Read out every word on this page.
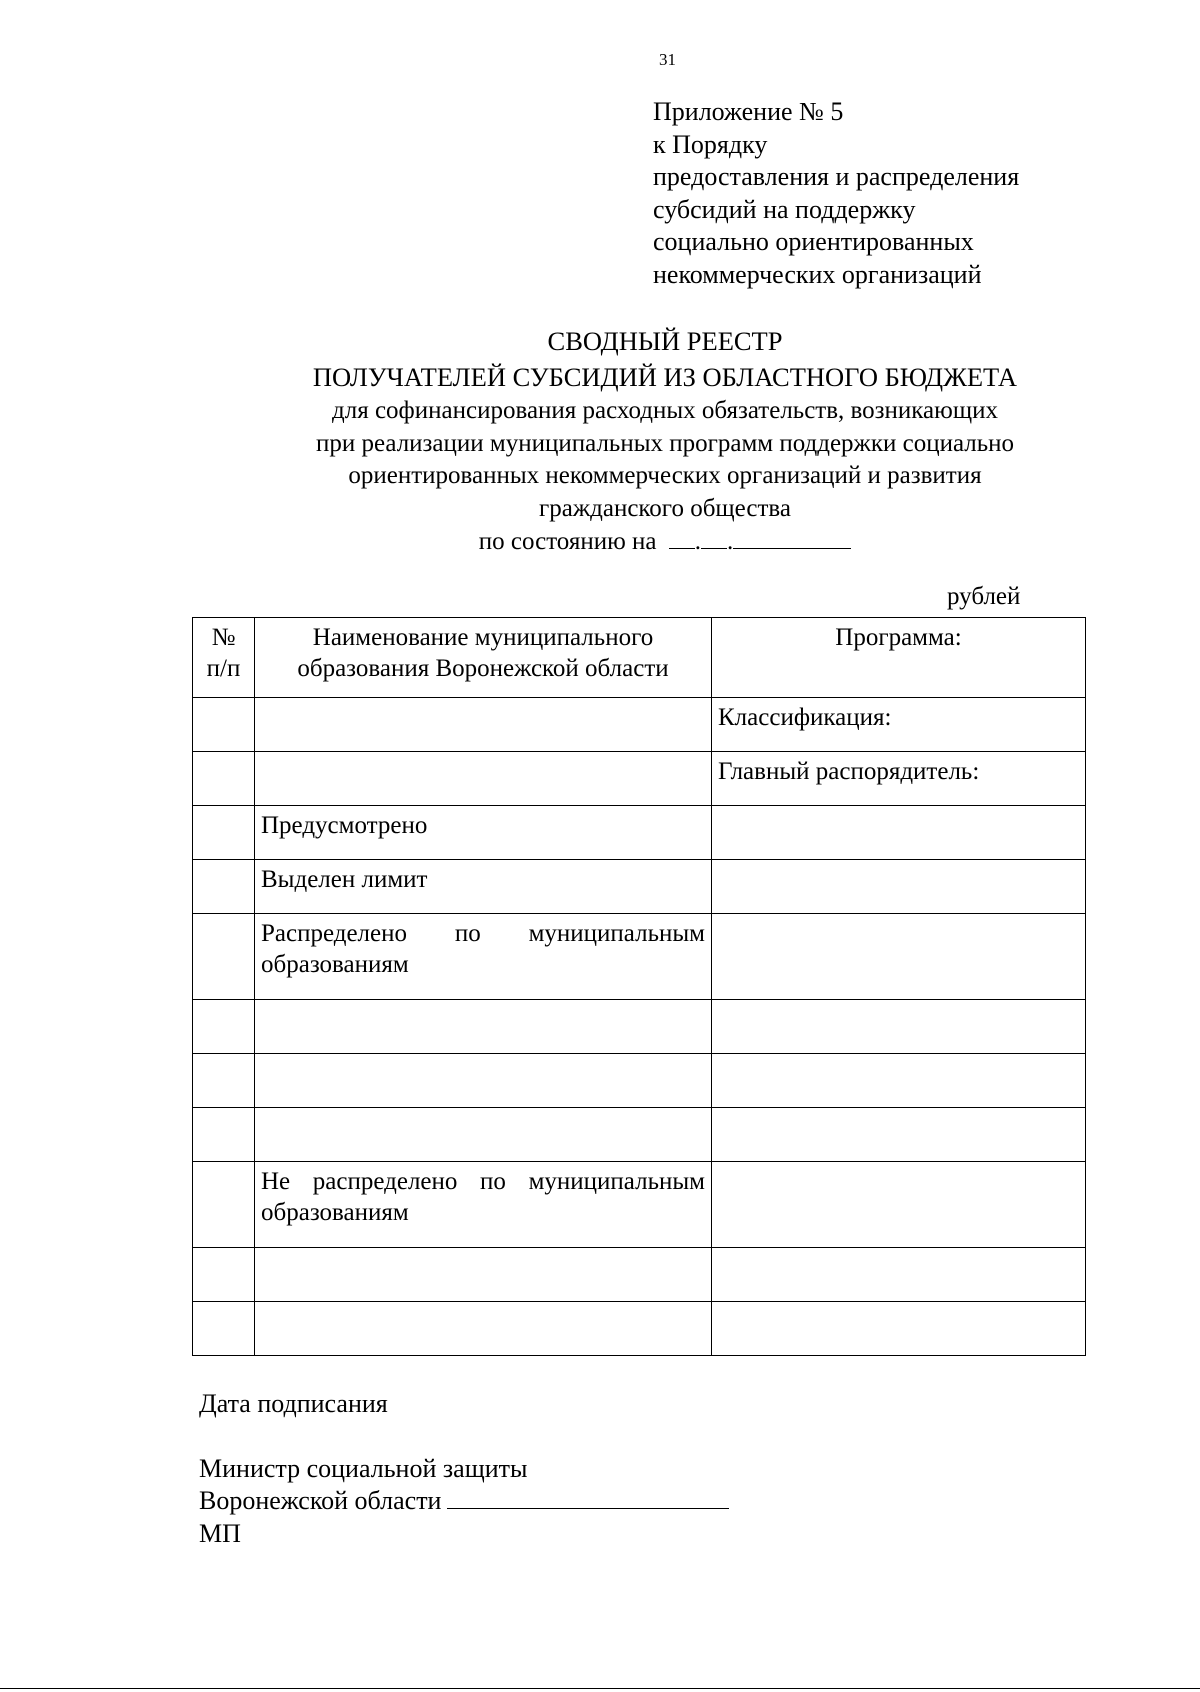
31
Приложение № 5
к Порядку
предоставления и распределения
субсидий на поддержку
социально ориентированных
некоммерческих организаций
СВОДНЫЙ РЕЕСТР
ПОЛУЧАТЕЛЕЙ СУБСИДИЙ ИЗ ОБЛАСТНОГО БЮДЖЕТА
для софинансирования расходных обязательств, возникающих
при реализации муниципальных программ поддержки социально
ориентированных некоммерческих организаций и развития
гражданского общества
по состоянию на . .
рублей
№ п/п	Наименование муниципального образования Воронежской области	Программа:
		Классификация:
		Главный распорядитель:
	Предусмотрено	
	Выделен лимит	
	Распределено по муниципальным образованиям	

	Не распределено по муниципальным образованиям	

Дата подписания
Министр социальной защиты
Воронежской области
МП
